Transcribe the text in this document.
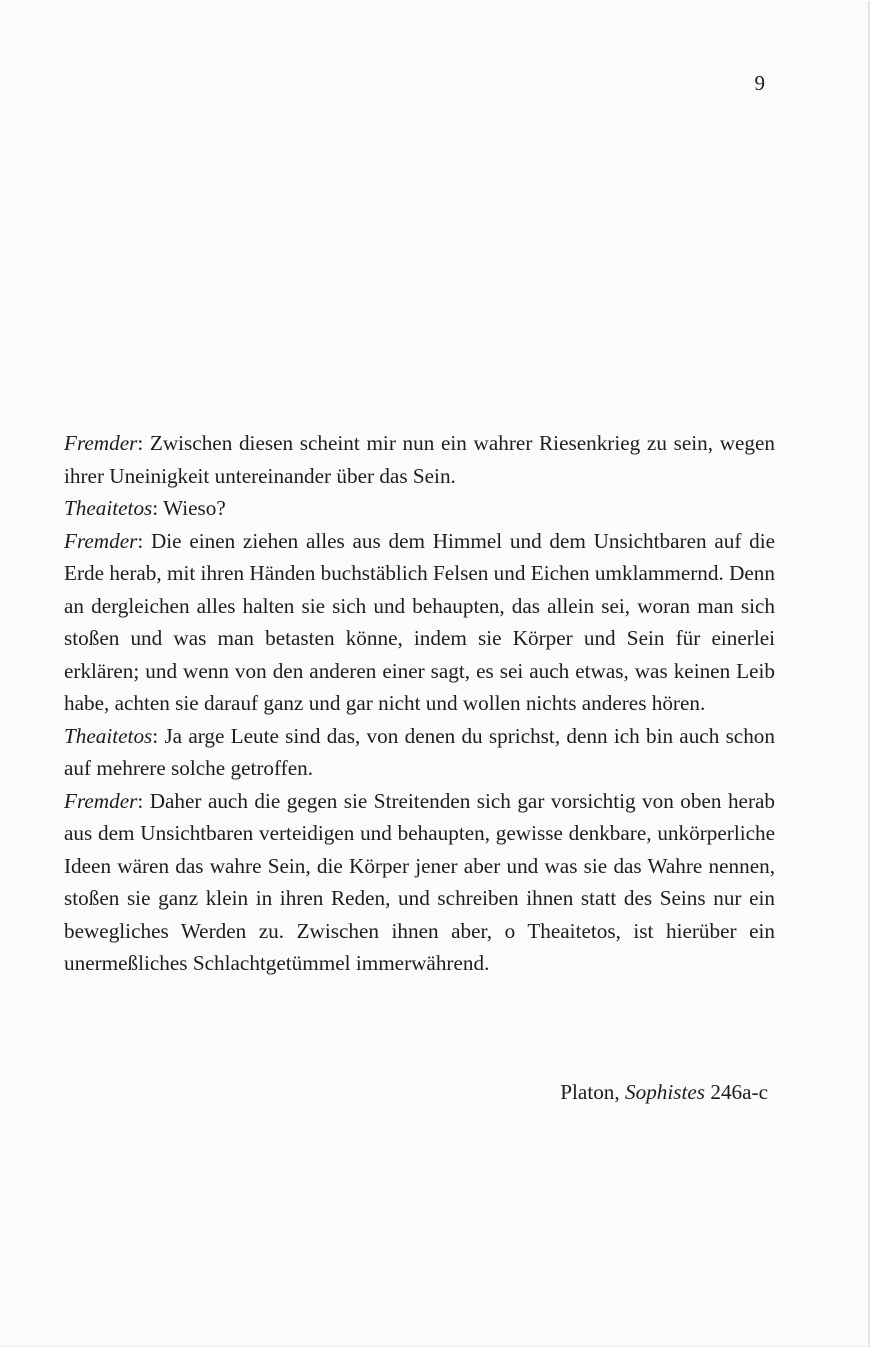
9

Fremder: Zwischen diesen scheint mir nun ein wahrer Riesenkrieg zu sein, wegen ihrer Uneinigkeit untereinander über das Sein.

Theaitetos: Wieso?

Fremder: Die einen ziehen alles aus dem Himmel und dem Unsichtbaren auf die Erde herab, mit ihren Händen buchstäblich Felsen und Eichen umklammernd. Denn an dergleichen alles halten sie sich und behaupten, das allein sei, woran man sich stoßen und was man betasten könne, indem sie Körper und Sein für einerlei erklären; und wenn von den anderen einer sagt, es sei auch etwas, was keinen Leib habe, achten sie darauf ganz und gar nicht und wollen nichts anderes hören.

Theaitetos: Ja arge Leute sind das, von denen du sprichst, denn ich bin auch schon auf mehrere solche getroffen.

Fremder: Daher auch die gegen sie Streitenden sich gar vorsichtig von oben herab aus dem Unsichtbaren verteidigen und behaupten, gewisse denkbare, unkörperliche Ideen wären das wahre Sein, die Körper jener aber und was sie das Wahre nennen, stoßen sie ganz klein in ihren Reden, und schreiben ihnen statt des Seins nur ein bewegliches Werden zu. Zwischen ihnen aber, o Theaitetos, ist hierüber ein unermeßliches Schlachtgetümmel immerwährend.

Platon, Sophistes 246a-c
